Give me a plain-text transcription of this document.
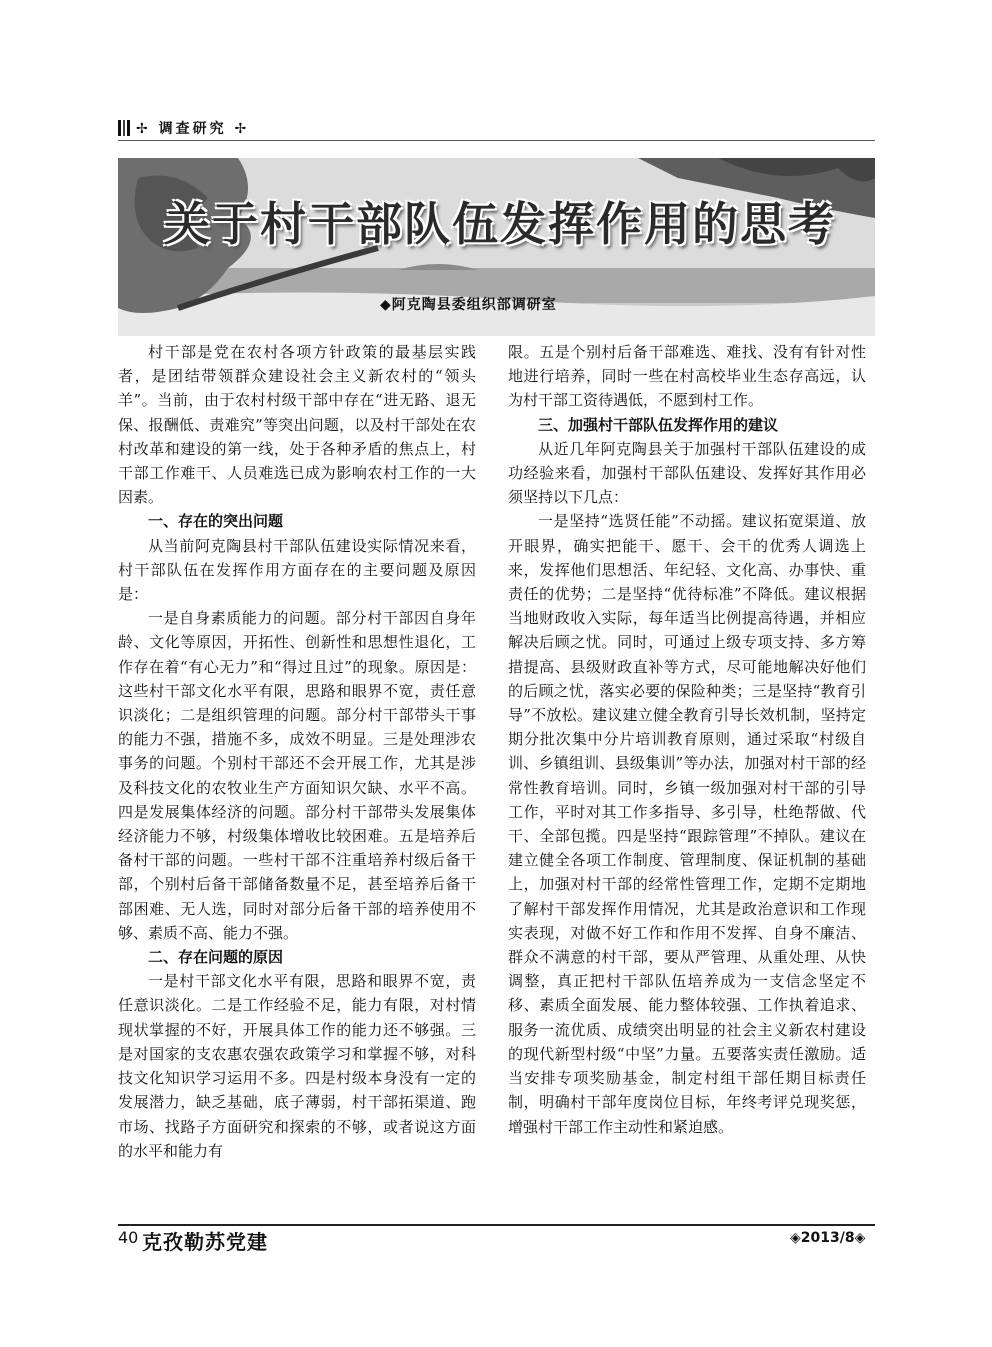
✢ 调查研究 ✢
关于村干部队伍发挥作用的思考
◆阿克陶县委组织部调研室

村干部是党在农村各项方针政策的最基层实践者，是团结带领群众建设社会主义新农村的“领头羊”。当前，由于农村村级干部中存在“进无路、退无保、报酬低、责难究”等突出问题，以及村干部处在农村改革和建设的第一线，处于各种矛盾的焦点上，村干部工作难干、人员难选已成为影响农村工作的一大因素。

一、存在的突出问题

从当前阿克陶县村干部队伍建设实际情况来看，村干部队伍在发挥作用方面存在的主要问题及原因是：

一是自身素质能力的问题。部分村干部因自身年龄、文化等原因，开拓性、创新性和思想性退化，工作存在着“有心无力”和“得过且过”的现象。原因是：这些村干部文化水平有限，思路和眼界不宽，责任意识淡化；二是组织管理的问题。部分村干部带头干事的能力不强，措施不多，成效不明显。三是处理涉农事务的问题。个别村干部还不会开展工作，尤其是涉及科技文化的农牧业生产方面知识欠缺、水平不高。四是发展集体经济的问题。部分村干部带头发展集体经济能力不够，村级集体增收比较困难。五是培养后备村干部的问题。一些村干部不注重培养村级后备干部，个别村后备干部储备数量不足，甚至培养后备干部困难、无人选，同时对部分后备干部的培养使用不够、素质不高、能力不强。

二、存在问题的原因

一是村干部文化水平有限，思路和眼界不宽，责任意识淡化。二是工作经验不足，能力有限，对村情现状掌握的不好，开展具体工作的能力还不够强。三是对国家的支农惠农强农政策学习和掌握不够，对科技文化知识学习运用不多。四是村级本身没有一定的发展潜力，缺乏基础，底子薄弱，村干部拓渠道、跑市场、找路子方面研究和探索的不够，或者说这方面的水平和能力有

限。五是个别村后备干部难选、难找、没有有针对性地进行培养，同时一些在村高校毕业生态存高远，认为村干部工资待遇低，不愿到村工作。

三、加强村干部队伍发挥作用的建议

从近几年阿克陶县关于加强村干部队伍建设的成功经验来看，加强村干部队伍建设、发挥好其作用必须坚持以下几点：

一是坚持“选贤任能”不动摇。建议拓宽渠道、放开眼界，确实把能干、愿干、会干的优秀人调选上来，发挥他们思想活、年纪轻、文化高、办事快、重责任的优势；二是坚持“优待标准”不降低。建议根据当地财政收入实际，每年适当比例提高待遇，并相应解决后顾之忧。同时，可通过上级专项支持、多方筹措提高、县级财政直补等方式，尽可能地解决好他们的后顾之忧，落实必要的保险种类；三是坚持“教育引导”不放松。建议建立健全教育引导长效机制，坚持定期分批次集中分片培训教育原则，通过采取“村级自训、乡镇组训、县级集训”等办法，加强对村干部的经常性教育培训。同时，乡镇一级加强对村干部的引导工作，平时对其工作多指导、多引导，杜绝帮做、代干、全部包揽。四是坚持“跟踪管理”不掉队。建议在建立健全各项工作制度、管理制度、保证机制的基础上，加强对村干部的经常性管理工作，定期不定期地了解村干部发挥作用情况，尤其是政治意识和工作现实表现，对做不好工作和作用不发挥、自身不廉洁、群众不满意的村干部，要从严管理、从重处理、从快调整，真正把村干部队伍培养成为一支信念坚定不移、素质全面发展、能力整体较强、工作执着追求、服务一流优质、成绩突出明显的社会主义新农村建设的现代新型村级“中坚”力量。五要落实责任激励。适当安排专项奖励基金，制定村组干部任期目标责任制，明确村干部年度岗位目标，年终考评兑现奖惩，增强村干部工作主动性和紧迫感。

40 克孜勒苏党建	◈2013/8◈
